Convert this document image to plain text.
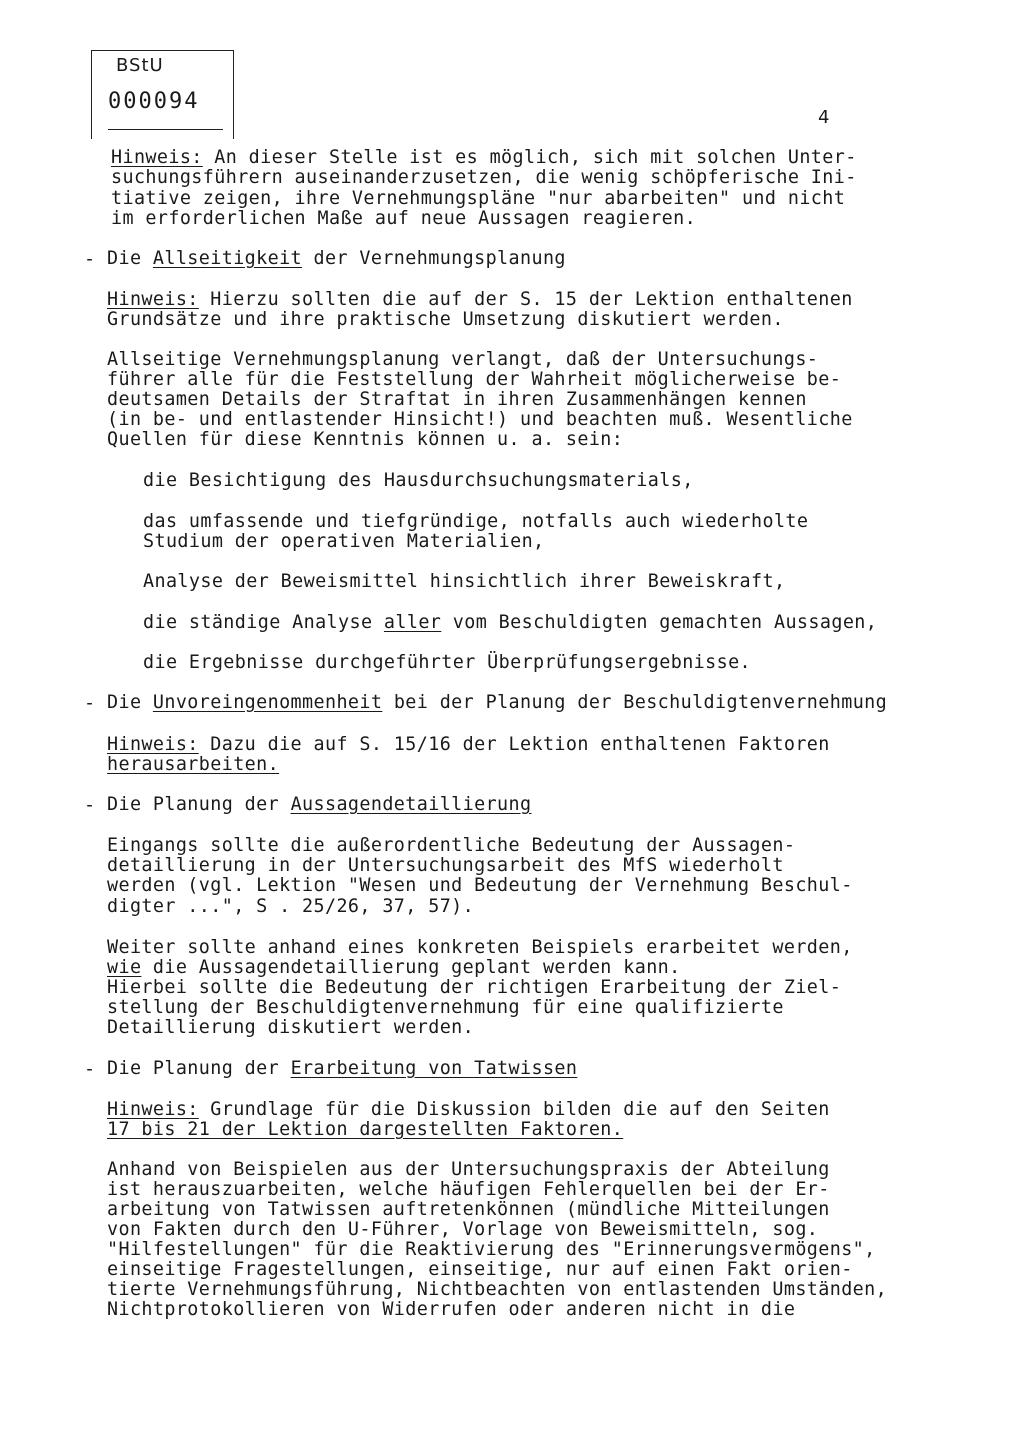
BStU
000094
4
Hinweis: An dieser Stelle ist es möglich, sich mit solchen Unter-
suchungsführern auseinanderzusetzen, die wenig schöpferische Ini-
tiative zeigen, ihre Vernehmungspläne "nur abarbeiten" und nicht
im erforderlichen Maße auf neue Aussagen reagieren.
- Die Allseitigkeit der Vernehmungsplanung
Hinweis: Hierzu sollten die auf der S. 15 der Lektion enthaltenen
Grundsätze und ihre praktische Umsetzung diskutiert werden.
Allseitige Vernehmungsplanung verlangt, daß der Untersuchungs-
führer alle für die Feststellung der Wahrheit möglicherweise be-
deutsamen Details der Straftat in ihren Zusammenhängen kennen
(in be- und entlastender Hinsicht!) und beachten muß. Wesentliche
Quellen für diese Kenntnis können u. a. sein:
die Besichtigung des Hausdurchsuchungsmaterials,
das umfassende und tiefgründige, notfalls auch wiederholte
Studium der operativen Materialien,
Analyse der Beweismittel hinsichtlich ihrer Beweiskraft,
die ständige Analyse aller vom Beschuldigten gemachten Aussagen,
die Ergebnisse durchgeführter Überprüfungsergebnisse.
- Die Unvoreingenommenheit bei der Planung der Beschuldigtenvernehmung
Hinweis: Dazu die auf S. 15/16 der Lektion enthaltenen Faktoren
herausarbeiten.
- Die Planung der Aussagendetaillierung
Eingangs sollte die außerordentliche Bedeutung der Aussagen-
detaillierung in der Untersuchungsarbeit des MfS wiederholt
werden (vgl. Lektion "Wesen und Bedeutung der Vernehmung Beschul-
digter ...", S . 25/26, 37, 57).
Weiter sollte anhand eines konkreten Beispiels erarbeitet werden,
wie die Aussagendetaillierung geplant werden kann.
Hierbei sollte die Bedeutung der richtigen Erarbeitung der Ziel-
stellung der Beschuldigtenvernehmung für eine qualifizierte
Detaillierung diskutiert werden.
- Die Planung der Erarbeitung von Tatwissen
Hinweis: Grundlage für die Diskussion bilden die auf den Seiten
17 bis 21 der Lektion dargestellten Faktoren.
Anhand von Beispielen aus der Untersuchungspraxis der Abteilung
ist herauszuarbeiten, welche häufigen Fehlerquellen bei der Er-
arbeitung von Tatwissen auftretenkönnen (mündliche Mitteilungen
von Fakten durch den U-Führer, Vorlage von Beweismitteln, sog.
"Hilfestellungen" für die Reaktivierung des "Erinnerungsvermögens",
einseitige Fragestellungen, einseitige, nur auf einen Fakt orien-
tierte Vernehmungsführung, Nichtbeachten von entlastenden Umständen,
Nichtprotokollieren von Widerrufen oder anderen nicht in die
